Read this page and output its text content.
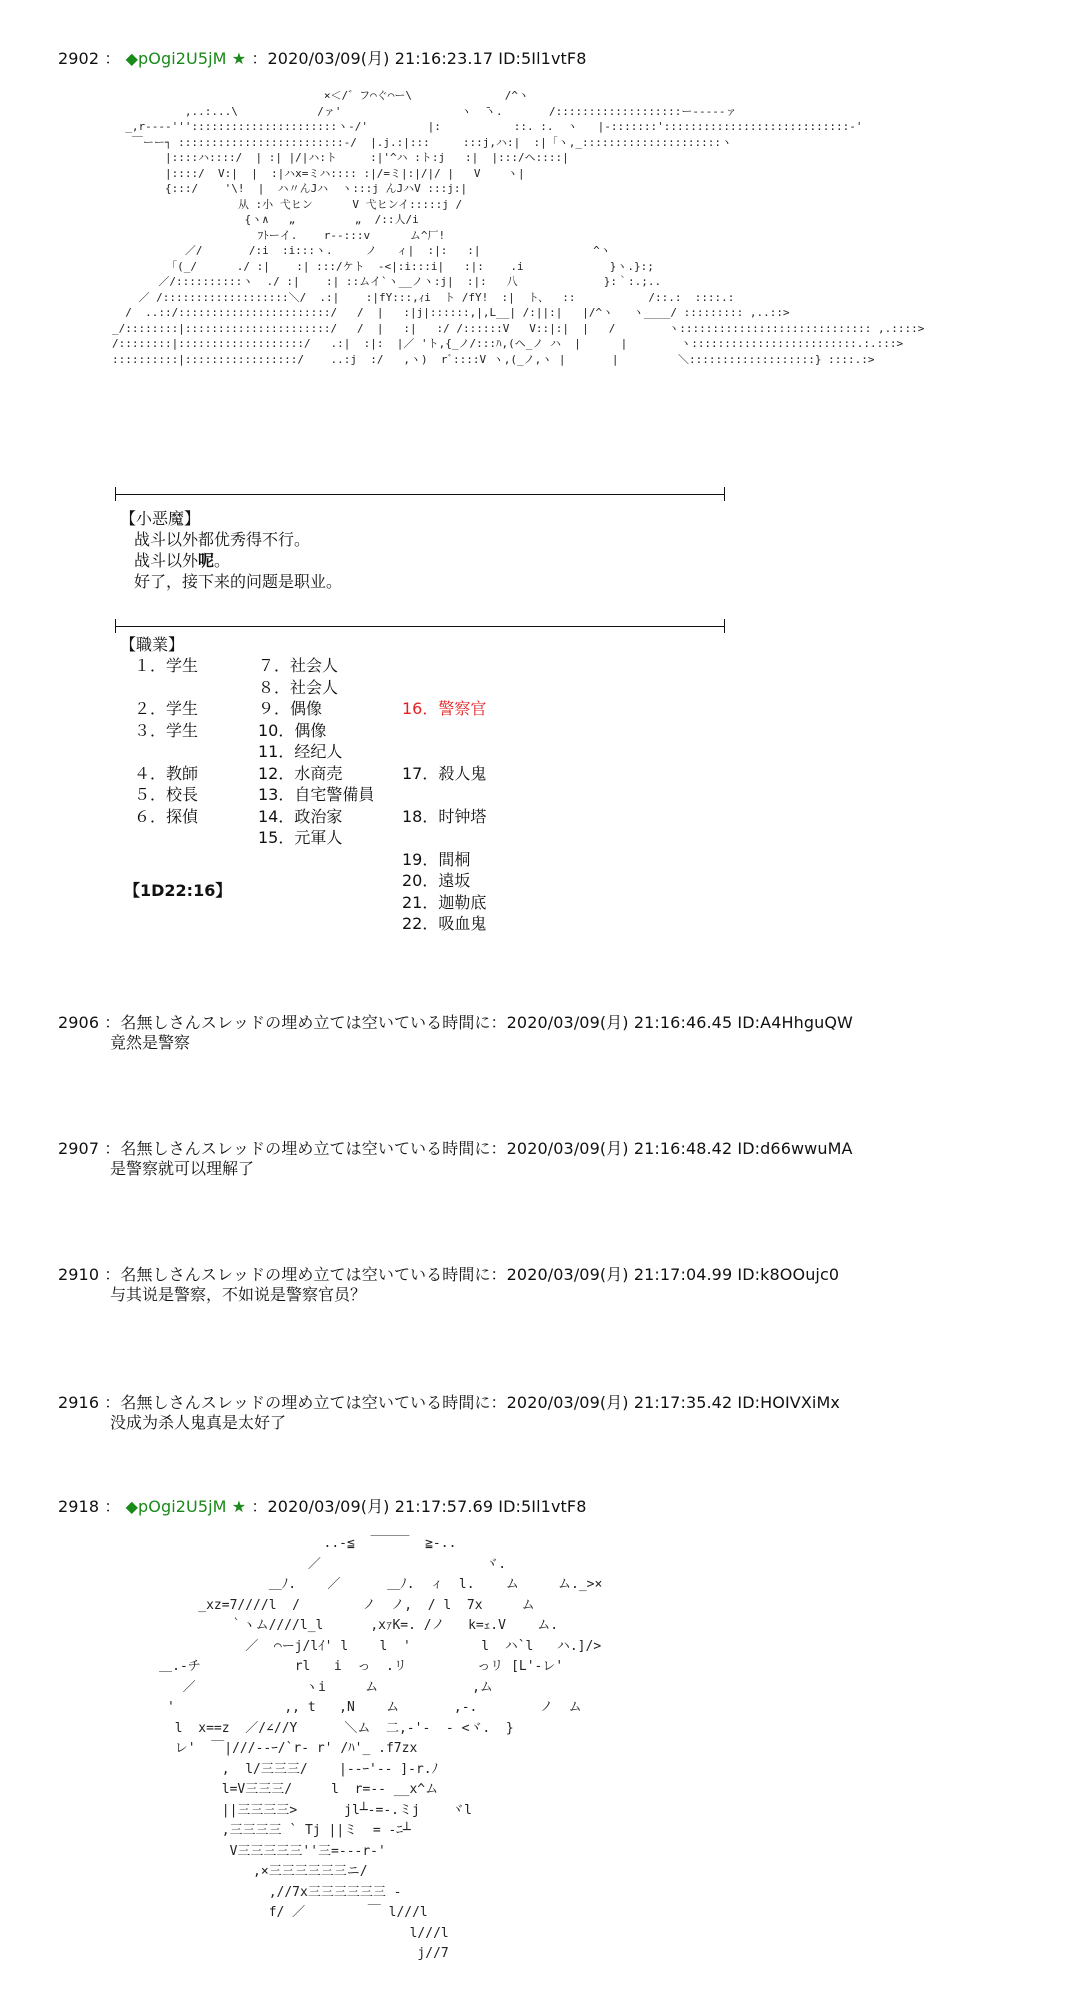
2902 ： ◆pOgi2U5jM ★ ：2020/03/09(月) 21:16:23.17 ID:5Il1vtF8
×＜/゛フ⌒ぐ⌒ー\              /^ヽ
,..:...\            /ァ'                  ヽ  ̄ヽ.       /:::::::::::::::::::ー-----ァ
_,r----'''::::::::::::::::::::::ヽ-/'         |:           ::. :.  ヽ   |-:::::::'::::::::::::::::::::::::::::-'
￣ーー┐ :::::::::::::::::::::::::-/  |.j.:|:::     :::j,ハ:|  :|「ヽ,_:::::::::::::::::::::ヽ
|::::ハ::::/  | :| |/|ハ:ト     :|'^ハ :ト:j   :|  |:::/ヘ::::|
|::::/  V:|  |  :|ハx=ミハ:::: :|/=ミ|:|/|/ |   V    ヽ|
{:::/    '\!  |  ハ〃んJハ  ヽ:::j んJハV :::j:|
从 :小 弋ヒン      V 弋ヒンイ:::::j /
{ヽ∧   „         „  /::人/i
ﾌﾄーイ.    r--:::v      ム^厂!
／/       /:i  :i:::ヽ.     ノ   ィ|  :|:   :|                 ^ヽ
｢(_/      ./ :|    :| :::/ケト  -<|:i:::i|   :|:    .i             }ヽ.}:;
／/::::::::::ヽ  ./ :|    :| ::ムイ`ヽ__ノヽ:j|  :|:   八             }:｀:.;..
／ /:::::::::::::::::::＼/  .:|    :|fY:::,ｨi  ト /fY!  :|  ト、  ::           /::.:  ::::.:
/  ..::/:::::::::::::::::::::::/   /  |   :|j|::::::,|,L__| /:||:|   |/^ヽ   ヽ____/ ::::::::: ,..::>
_/::::::::|::::::::::::::::::::::/   /  |   :|   :/ /::::::V   V::|:|  |   /        ヽ::::::::::::::::::::::::::::: ,.::::>
/::::::::|:::::::::::::::::::/   .:|  :|:  |／ 'ト,{_ノ/:::ﾊ,(ヘ_ノ ハ  |      |        ヽ:::::::::::::::::::::::::.:.:::>
::::::::::|:::::::::::::::::/    ..:j  :/   ,ヽ)  rﾞ::::V ヽ,(_ノ,ヽ |       |         ＼:::::::::::::::::::} ::::.:>
【小恶魔】
战斗以外都优秀得不行。
战斗以外呢。
好了，接下来的问题是职业。
【職業】
１．学生

２．学生
３．学生

４．教師
５．校長
６．探偵

７．社会人
８．社会人
９．偶像
10．偶像
11．经纪人
12．水商売
13．自宅警備員
14．政治家
15．元軍人

16．警察官

17．殺人鬼

18．时钟塔

19．間桐
20．遠坂
21．迦勒底
22．吸血鬼

【1D22:16】
2906 ：名無しさんスレッドの埋め立ては空いている時間に：2020/03/09(月) 21:16:46.45 ID:A4HhguQW
竟然是警察
2907 ：名無しさんスレッドの埋め立ては空いている時間に：2020/03/09(月) 21:16:48.42 ID:d66wwuMA
是警察就可以理解了
2910 ：名無しさんスレッドの埋め立ては空いている時間に：2020/03/09(月) 21:17:04.99 ID:k8OOujc0
与其说是警察，不如说是警察官员？
2916 ：名無しさんスレッドの埋め立ては空いている時間に：2020/03/09(月) 21:17:35.42 ID:HOIVXiMx
没成为杀人鬼真是太好了
2918 ： ◆pOgi2U5jM ★ ：2020/03/09(月) 21:17:57.69 ID:5Il1vtF8
..-≦  ￣￣￣  ≧-..
／                     ヾ.
＿ﾉ.    ／      ＿ﾉ.  ィ  l.    ム     ム._>×
_xz=7////l  /        ノ  ノ,  / l  7x     ム
｀ヽム////l_l      ,xｧK=. /ノ   k=ｪ.V    ム.
／  ⌒ーj/lｲ' l    l  '         l  ハ`l   ハ.]/>
＿.-チ            rl   i  っ  .リ         っリ [L'-レ'
／              ヽi     ム            ,ム
'              ,, t   ,N    ム       ,-.        ノ  ム
l  x==z  ／/∠//Y      ＼ム  二,-'-  - <ヾ.  }
レ'  ￣|///--ｰ/`r- r' /ﾊ'_ .f7zx
,  l/三三三/    |--ｰ'-- ]-r.ﾉ
l=V三三三/     l  r=-- __x^ム
||三三三三>      jl┴-=-.ミj    ヾl
,三三三三 ` Tj ||ミ  = -ﾆ┴
V三三三三三''三=---r-'
,×三三三三三三ニ/
,//7x三三三三三三 -
f/ ／        ￣ l///l
l///l
j//7
